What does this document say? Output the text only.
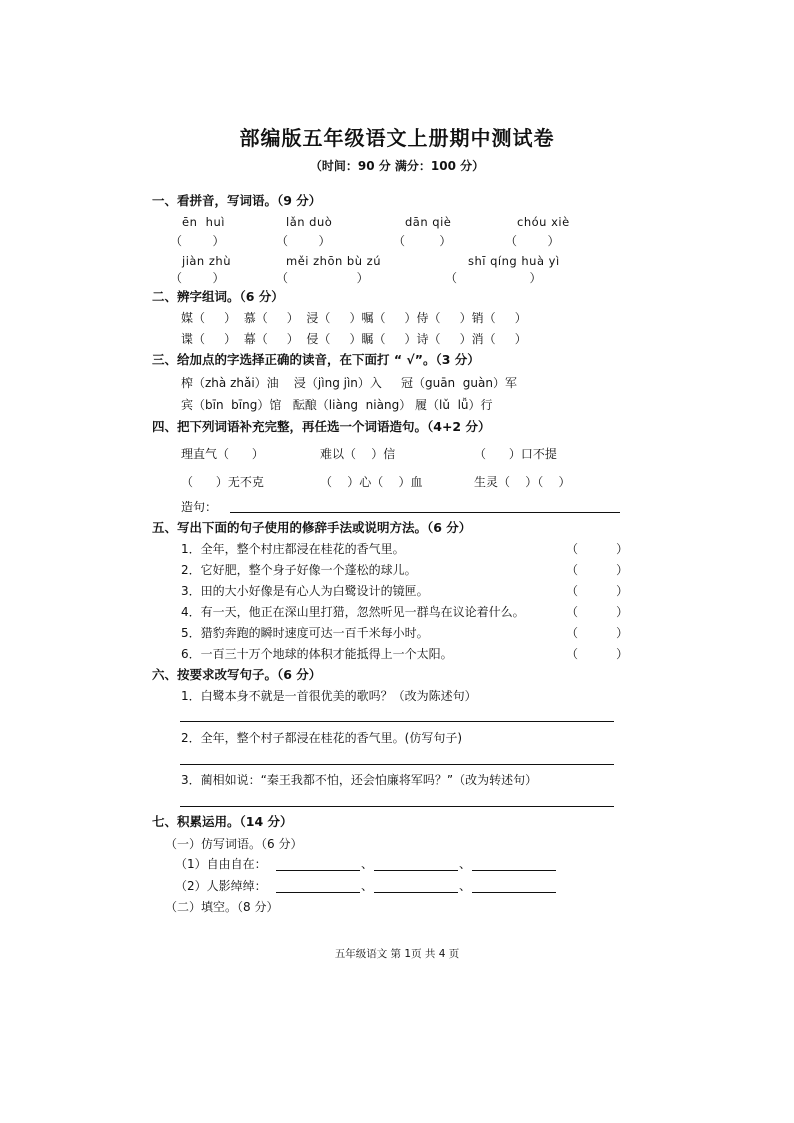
部编版五年级语文上册期中测试卷
（时间：90 分 满分：100 分）
一、看拼音，写词语。（9 分）
ēn  huì	lǎn duò	dān qiè	chóu xiè
（        ）	（        ）	（         ）	（        ）
jiàn zhù	měi zhōn bù zú	shī qíng huà yì
（        ）	（                  ）	（                   ）
二、辨字组词。（6 分）
媒（     ）  慕（     ）  浸（     ）嘱（     ）侍（     ）销（     ）
谍（     ）  幕（     ）  侵（     ）瞩（     ）诗（     ）消（     ）
三、给加点的字选择正确的读音，在下面打 “ √”。（3 分）
榨（zhà zhǎi）油    浸（jìng jìn）入     冠（guān  guàn）军
宾（bīn  bīng）馆   酝酿（liàng  niàng） 履（lǔ  lǚ）行
四、把下列词语补充完整，再任选一个词语造句。（4+2 分）
理直气（      ）	难以（    ）信	（      ）口不提
（      ）无不克	（    ）心（    ）血	生灵（    ）（    ）
造句：
五、写出下面的句子使用的修辞手法或说明方法。（6 分）
1．全年，整个村庄都浸在桂花的香气里。	（          ）
2．它好肥，整个身子好像一个蓬松的球儿。	（          ）
3．田的大小好像是有心人为白鹭设计的镜匣。	（          ）
4．有一天，他正在深山里打猎，忽然听见一群鸟在议论着什么。	（          ）
5．猎豹奔跑的瞬时速度可达一百千米每小时。	（          ）
6．一百三十万个地球的体积才能抵得上一个太阳。	（          ）
六、按要求改写句子。（6 分）
1．白鹭本身不就是一首很优美的歌吗？（改为陈述句）
2．全年，整个村子都浸在桂花的香气里。(仿写句子)
3．蔺相如说：“秦王我都不怕，还会怕廉将军吗？”（改为转述句）
七、积累运用。（14 分）
（一）仿写词语。（6 分）
（1）自由自在：	、	、
（2）人影绰绰：	、	、
（二）填空。（8 分）
五年级语文 第 1页 共 4 页
